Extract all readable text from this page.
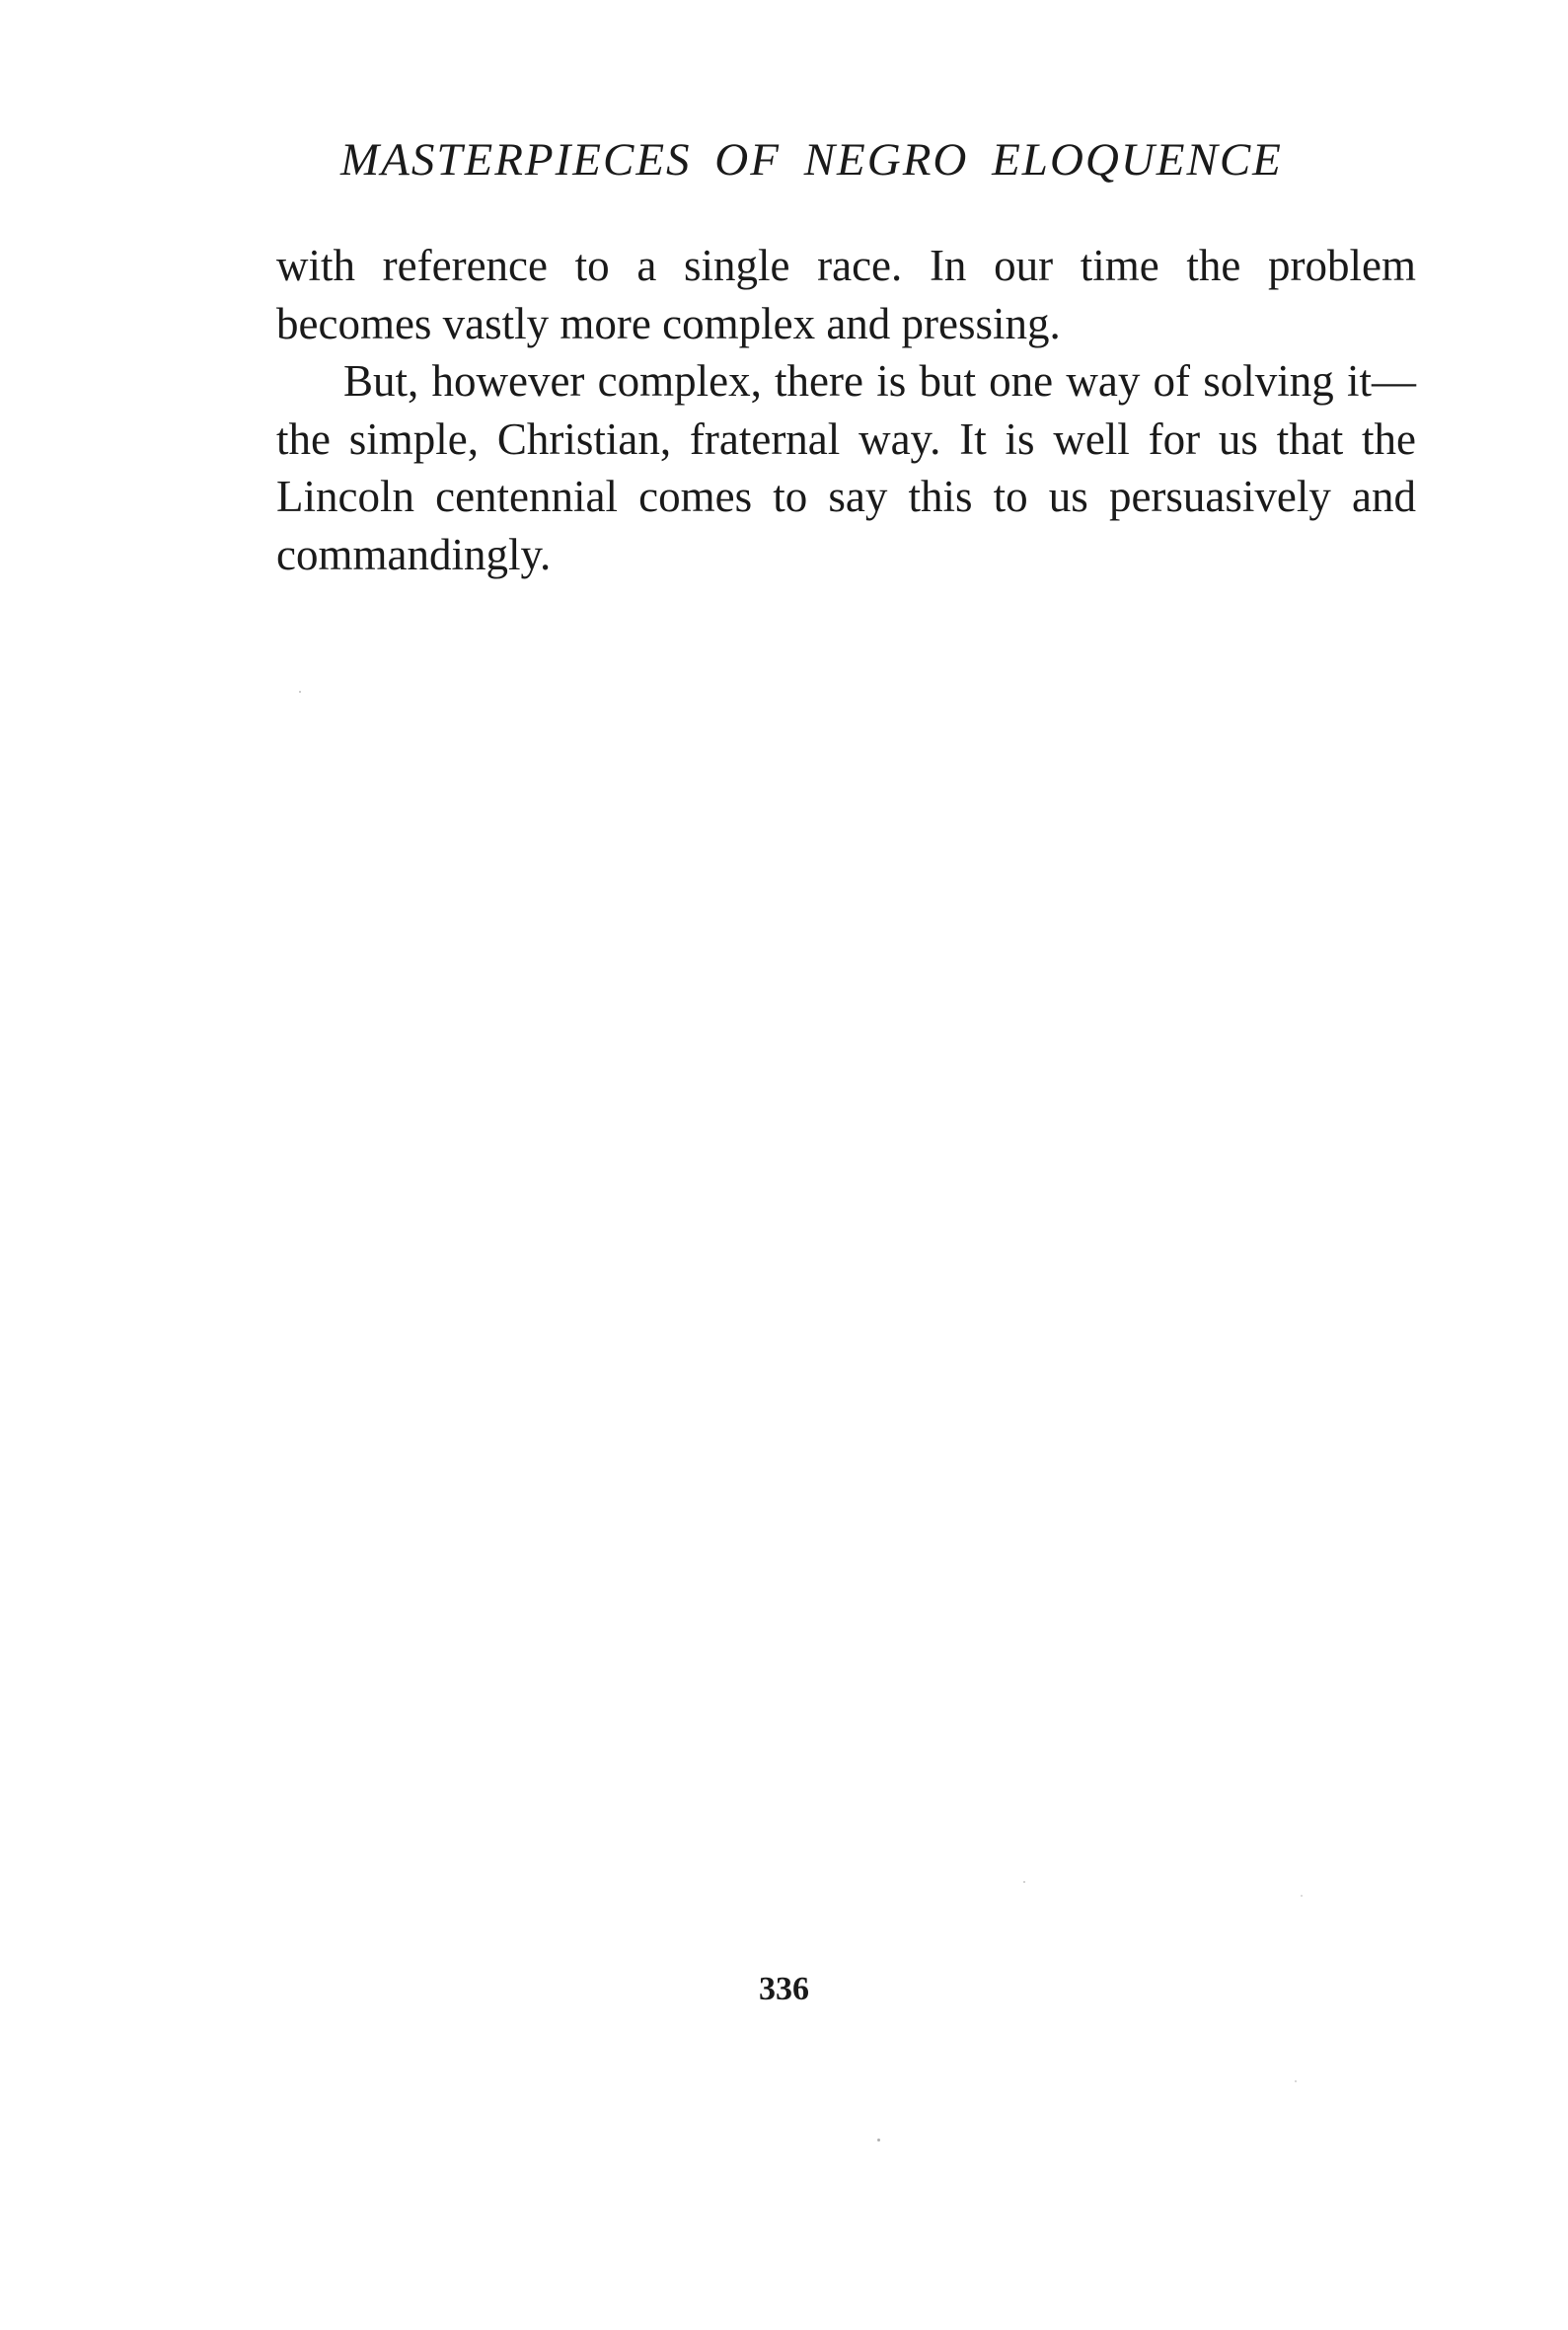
MASTERPIECES OF NEGRO ELOQUENCE

with reference to a single race. In our time the problem becomes vastly more complex and pressing.

But, however complex, there is but one way of solving it—the simple, Christian, fraternal way. It is well for us that the Lincoln centennial comes to say this to us persuasively and commandingly.

336
